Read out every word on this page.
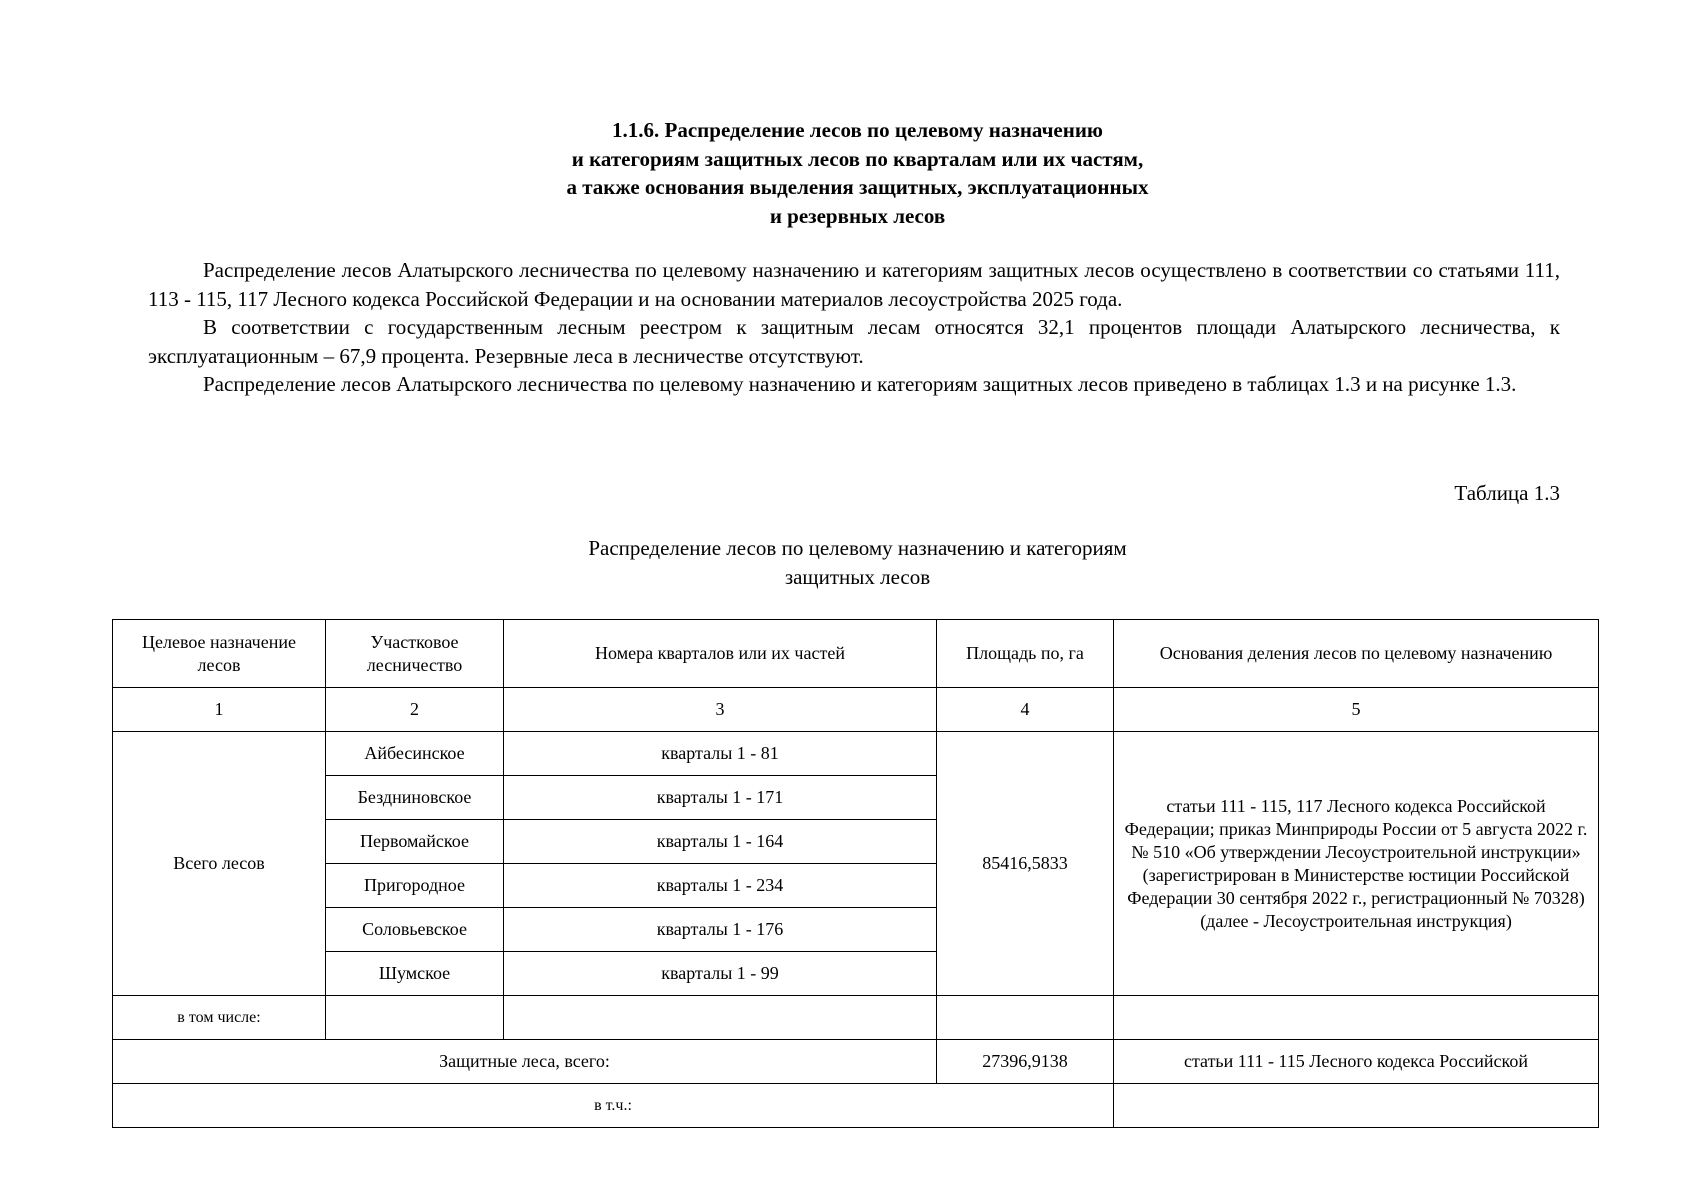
1.1.6. Распределение лесов по целевому назначению
и категориям защитных лесов по кварталам или их частям,
а также основания выделения защитных, эксплуатационных
и резервных лесов

Распределение лесов Алатырского лесничества по целевому назначению и категориям защитных лесов осуществлено в соответствии со статьями 111, 113 - 115, 117 Лесного кодекса Российской Федерации и на основании материалов лесоустройства 2025 года.

В соответствии с государственным лесным реестром к защитным лесам относятся 32,1 процентов площади Алатырского лесничества, к эксплуатационным – 67,9 процента. Резервные леса в лесничестве отсутствуют.

Распределение лесов Алатырского лесничества по целевому назначению и категориям защитных лесов приведено в таблицах 1.3 и на рисунке 1.3.

Таблица 1.3
Распределение лесов по целевому назначению и категориям
защитных лесов
Целевое назначение лесов	Участковое лесничество	Номера кварталов или их частей	Площадь по, га	Основания деления лесов по целевому назначению
1	2	3	4	5
Всего лесов	Айбесинское	кварталы 1 - 81	85416,5833	статьи 111 - 115, 117 Лесного кодекса Российской Федерации; приказ Минприроды России от 5 августа 2022 г. № 510 «Об утверждении Лесоустроительной инструкции» (зарегистрирован в Министерстве юстиции Российской Федерации 30 сентября 2022 г., регистрационный № 70328) (далее - Лесоустроительная инструкция)
	Бездниновское	кварталы 1 - 171		
	Первомайское	кварталы 1 - 164		
	Пригородное	кварталы 1 - 234		
	Соловьевское	кварталы 1 - 176		
	Шумское	кварталы 1 - 99		
в том числе:				
Защитные леса, всего:			27396,9138	статьи 111 - 115 Лесного кодекса Российской
в т.ч.:				
